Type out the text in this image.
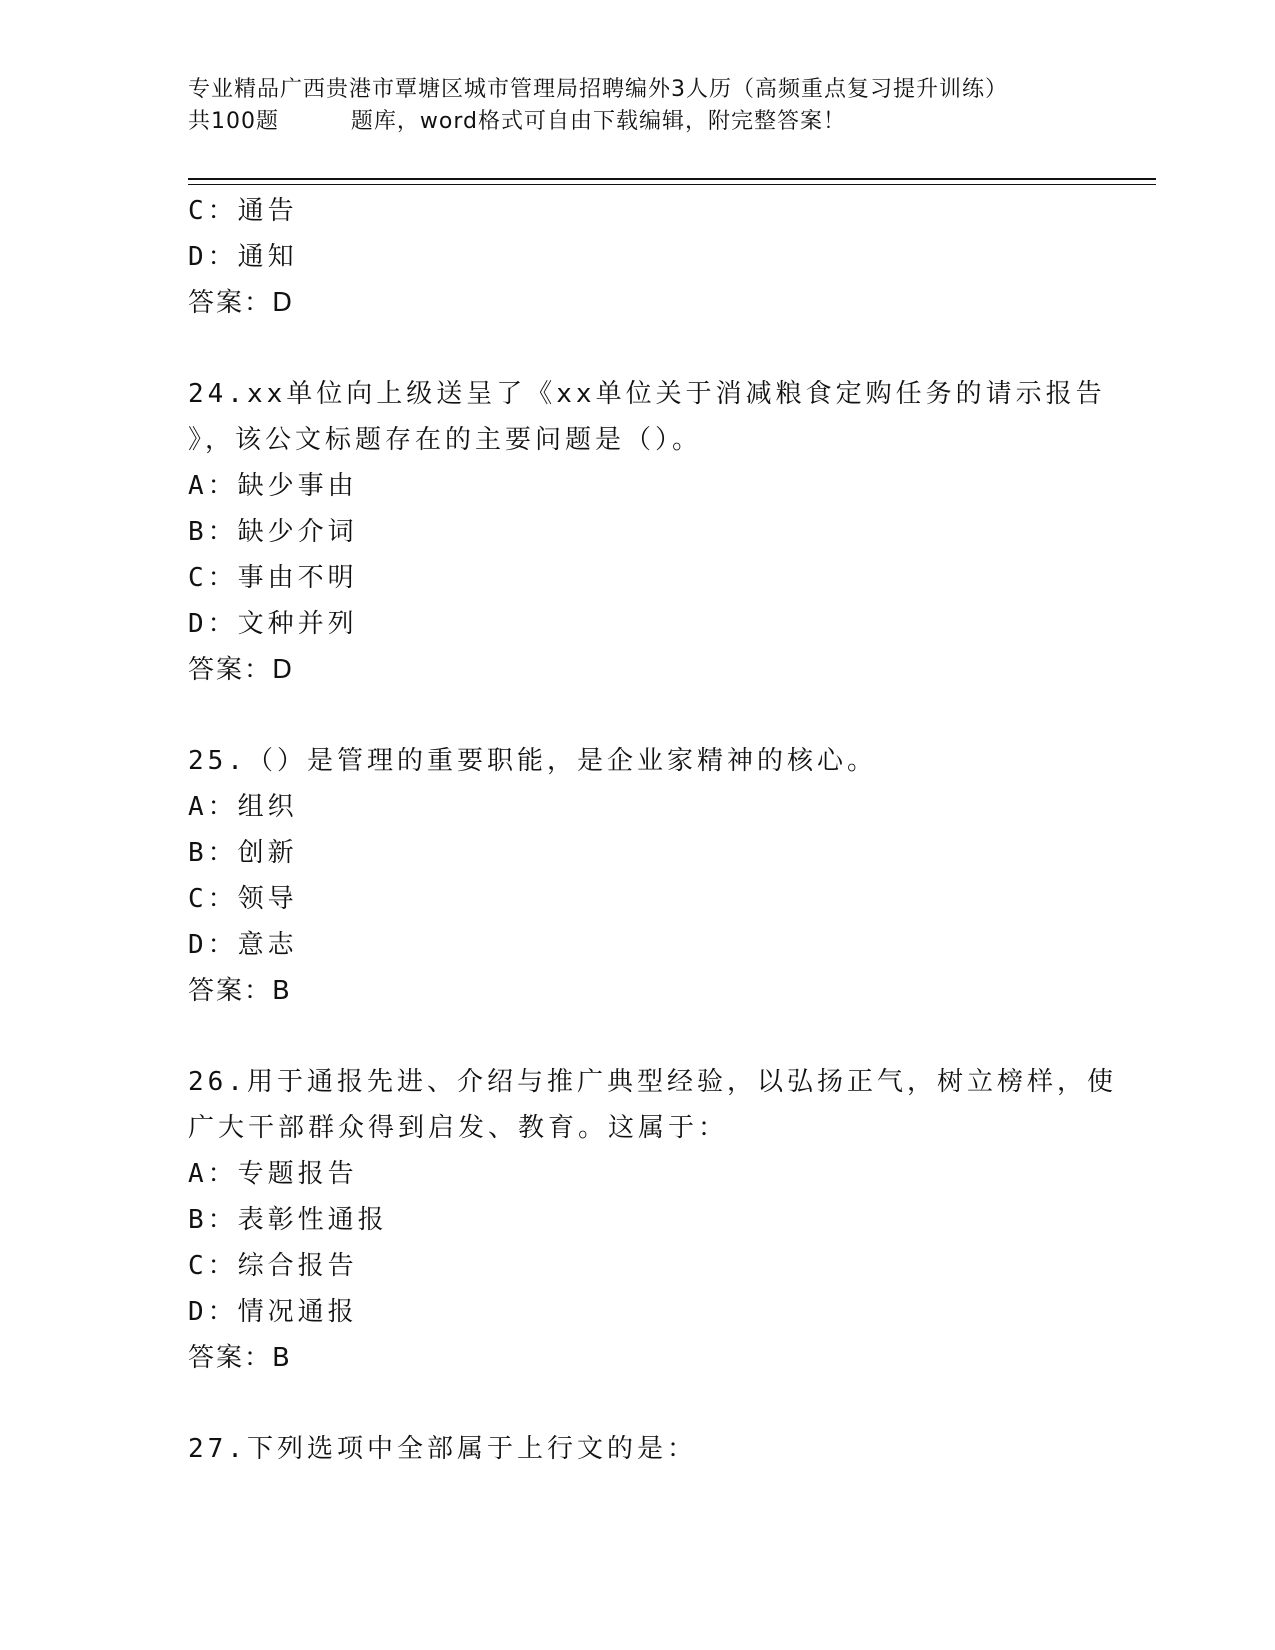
专业精品广西贵港市覃塘区城市管理局招聘编外3人历（高频重点复习提升训练）
共100题         题库，word格式可自由下载编辑，附完整答案！
C：通告
D：通知
答案：D
24.xx单位向上级送呈了《xx单位关于消减粮食定购任务的请示报告
》，该公文标题存在的主要问题是（）。
A：缺少事由
B：缺少介词
C：事由不明
D：文种并列
答案：D
25.（）是管理的重要职能，是企业家精神的核心。
A：组织
B：创新
C：领导
D：意志
答案：B
26.用于通报先进、介绍与推广典型经验，以弘扬正气，树立榜样，使
广大干部群众得到启发、教育。这属于：
A：专题报告
B：表彰性通报
C：综合报告
D：情况通报
答案：B
27.下列选项中全部属于上行文的是：
